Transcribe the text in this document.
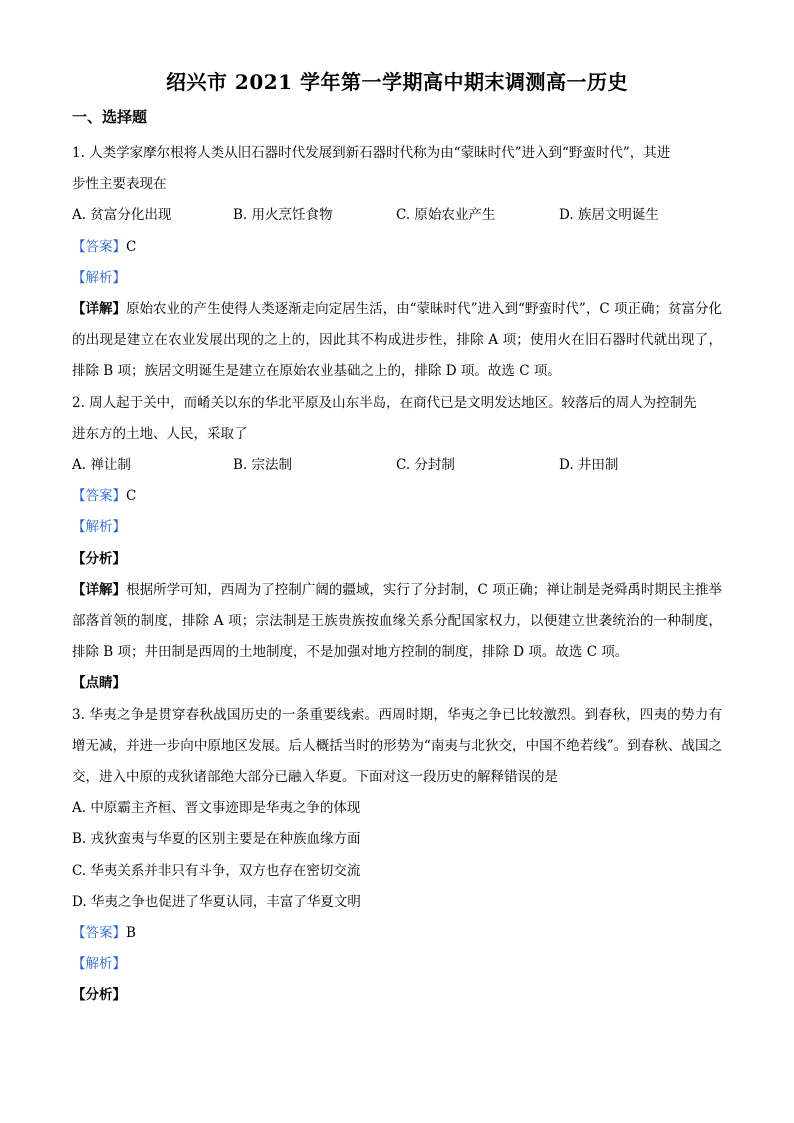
绍兴市 2021 学年第一学期高中期末调测高一历史
一、选择题
1. 人类学家摩尔根将人类从旧石器时代发展到新石器时代称为由“蒙昧时代”进入到“野蛮时代”，其进
步性主要表现在
A. 贫富分化出现	B. 用火烹饪食物	C. 原始农业产生	D. 族居文明诞生
【答案】C
【解析】
【详解】原始农业的产生使得人类逐渐走向定居生活，由“蒙昧时代”进入到“野蛮时代”，C 项正确；贫富分化的出现是建立在农业发展出现的之上的，因此其不构成进步性，排除 A 项；使用火在旧石器时代就出现了，排除 B 项；族居文明诞生是建立在原始农业基础之上的，排除 D 项。故选 C 项。
2. 周人起于关中，而崤关以东的华北平原及山东半岛，在商代已是文明发达地区。较落后的周人为控制先
进东方的土地、人民，采取了
A. 禅让制	B. 宗法制	C. 分封制	D. 井田制
【答案】C
【解析】
【分析】
【详解】根据所学可知，西周为了控制广阔的疆域，实行了分封制，C 项正确；禅让制是尧舜禹时期民主推举部落首领的制度，排除 A 项；宗法制是王族贵族按血缘关系分配国家权力，以便建立世袭统治的一种制度，排除 B 项；井田制是西周的土地制度，不是加强对地方控制的制度，排除 D 项。故选 C 项。
【点睛】
3. 华夷之争是贯穿春秋战国历史的一条重要线索。西周时期，华夷之争已比较激烈。到春秋，四夷的势力有增无减，并进一步向中原地区发展。后人概括当时的形势为“南夷与北狄交，中国不绝若线”。到春秋、战国之交，进入中原的戎狄诸部绝大部分已融入华夏。下面对这一段历史的解释错误的是
A. 中原霸主齐桓、晋文事迹即是华夷之争的体现
B. 戎狄蛮夷与华夏的区别主要是在种族血缘方面
C. 华夷关系并非只有斗争，双方也存在密切交流
D. 华夷之争也促进了华夏认同，丰富了华夏文明
【答案】B
【解析】
【分析】
